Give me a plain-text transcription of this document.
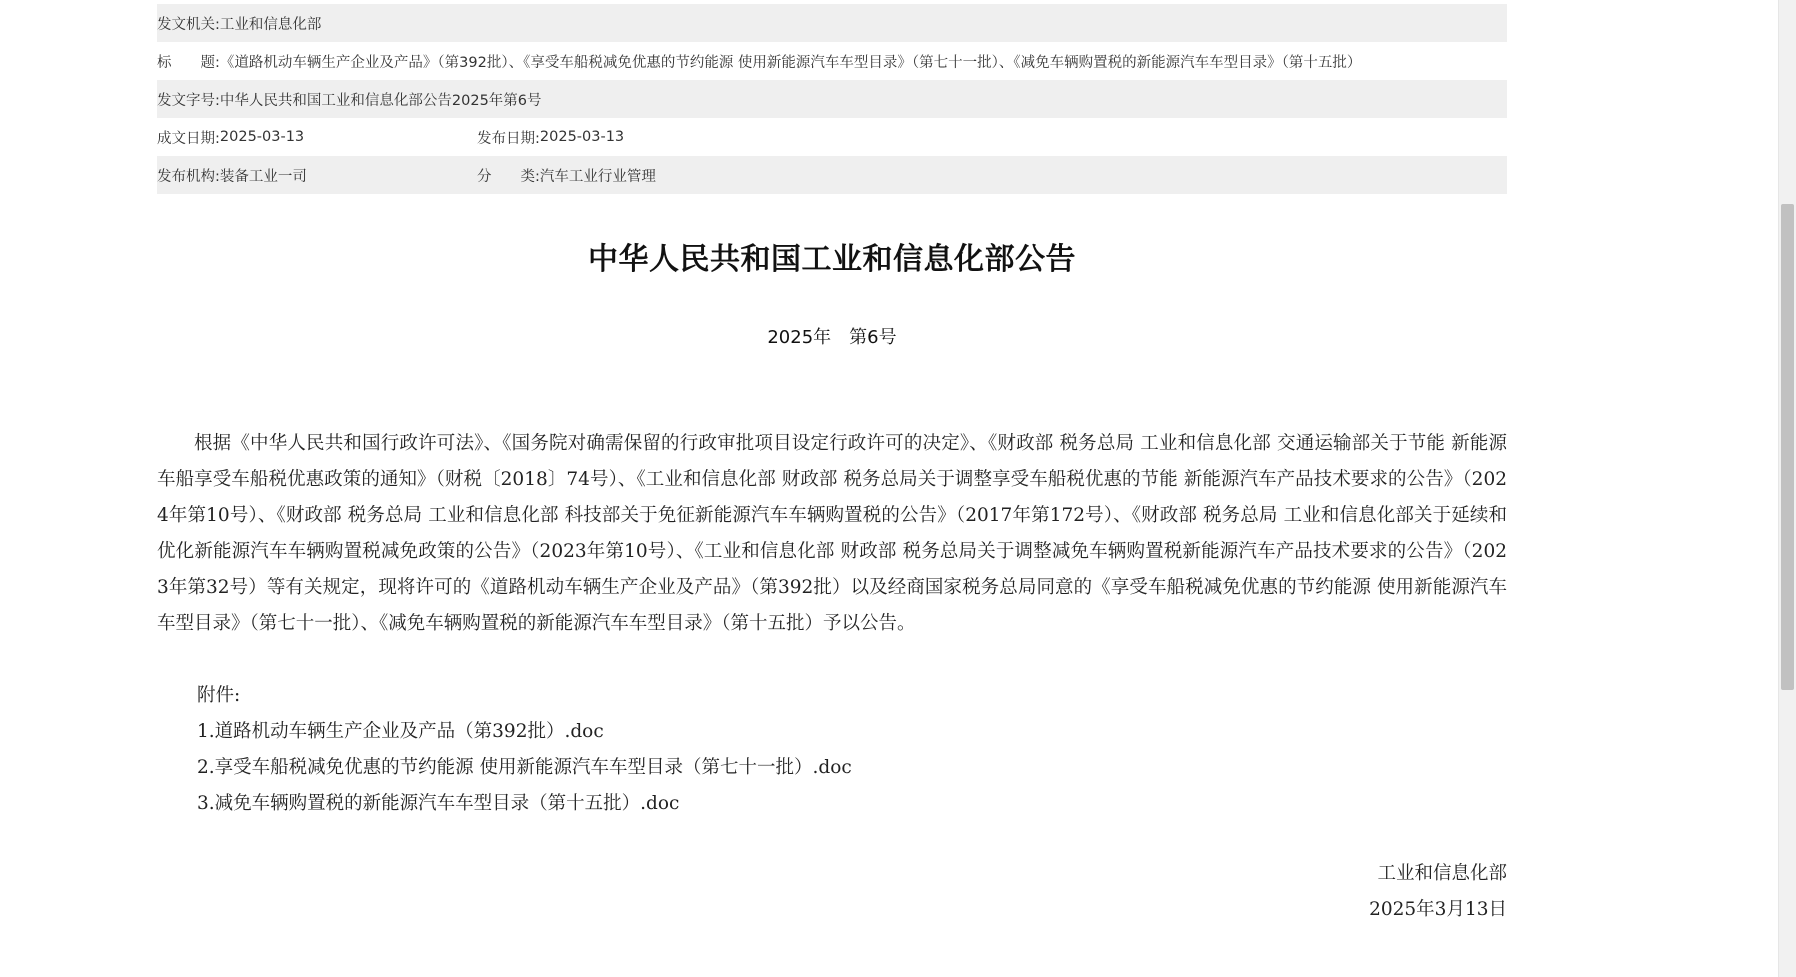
发文机关: 工业和信息化部
标　　题: 《道路机动车辆生产企业及产品》（第392批）、《享受车船税减免优惠的节约能源 使用新能源汽车车型目录》（第七十一批）、《减免车辆购置税的新能源汽车车型目录》（第十五批）
发文字号: 中华人民共和国工业和信息化部公告2025年第6号
成文日期: 2025-03-13	发布日期: 2025-03-13
发布机构: 装备工业一司	分　　类: 汽车工业行业管理
中华人民共和国工业和信息化部公告
2025年　第6号
根据《中华人民共和国行政许可法》、《国务院对确需保留的行政审批项目设定行政许可的决定》、《财政部 税务总局 工业和信息化部 交通运输部关于节能 新能源车船享受车船税优惠政策的通知》（财税〔2018〕74号）、《工业和信息化部 财政部 税务总局关于调整享受车船税优惠的节能 新能源汽车产品技术要求的公告》（2024年第10号）、《财政部 税务总局 工业和信息化部 科技部关于免征新能源汽车车辆购置税的公告》（2017年第172号）、《财政部 税务总局 工业和信息化部关于延续和优化新能源汽车车辆购置税减免政策的公告》（2023年第10号）、《工业和信息化部 财政部 税务总局关于调整减免车辆购置税新能源汽车产品技术要求的公告》（2023年第32号）等有关规定，现将许可的《道路机动车辆生产企业及产品》（第392批）以及经商国家税务总局同意的《享受车船税减免优惠的节约能源 使用新能源汽车车型目录》（第七十一批）、《减免车辆购置税的新能源汽车车型目录》（第十五批）予以公告。
附件:
1.道路机动车辆生产企业及产品（第392批）.doc
2.享受车船税减免优惠的节约能源 使用新能源汽车车型目录（第七十一批）.doc
3.减免车辆购置税的新能源汽车车型目录（第十五批）.doc
工业和信息化部
2025年3月13日
